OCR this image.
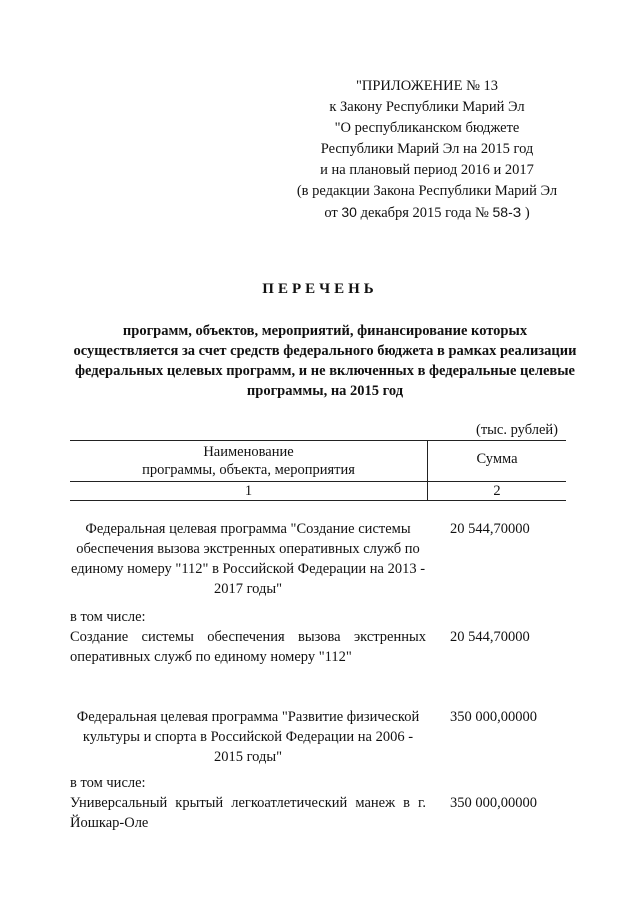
"ПРИЛОЖЕНИЕ № 13
к Закону Республики Марий Эл
"О республиканском бюджете
Республики Марий Эл на 2015 год
и на плановый период 2016 и 2017
(в редакции Закона Республики Марий Эл
от 30 декабря 2015 года № 58-З )
ПЕРЕЧЕНЬ
программ, объектов, мероприятий, финансирование которых осуществляется за счет средств федерального бюджета в рамках реализации федеральных целевых программ, и не включенных в федеральные целевые программы, на 2015 год
(тыс. рублей)
Наименование
программы, объекта, мероприятия
Сумма
1	2
Федеральная целевая программа "Создание системы обеспечения вызова экстренных оперативных служб по единому номеру "112" в Российской Федерации на 2013 - 2017 годы"
20 544,70000
в том числе:
Создание системы обеспечения вызова экстренных оперативных служб по единому номеру "112"
20 544,70000
Федеральная целевая программа "Развитие физической культуры и спорта в Российской Федерации на 2006 - 2015 годы"
350 000,00000
в том числе:
Универсальный крытый легкоатлетический манеж в г. Йошкар-Оле
350 000,00000
